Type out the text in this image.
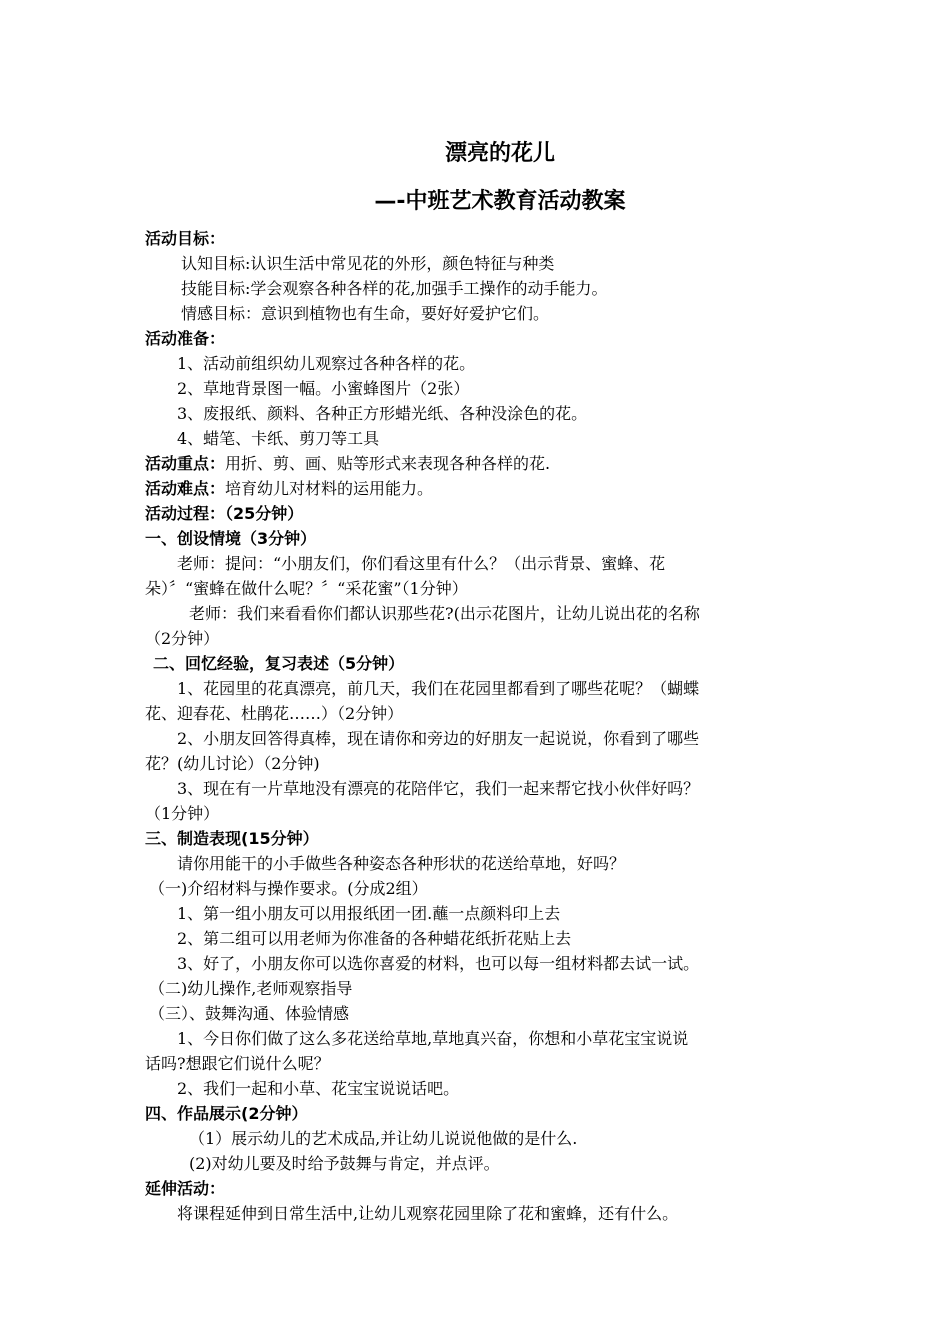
漂亮的花儿
—-中班艺术教育活动教案
活动目标：
认知目标:认识生活中常见花的外形，颜色特征与种类
技能目标:学会观察各种各样的花,加强手工操作的动手能力。
情感目标：意识到植物也有生命，要好好爱护它们。
活动准备：
1、活动前组织幼儿观察过各种各样的花。
2、草地背景图一幅。小蜜蜂图片（2张）
3、废报纸、颜料、各种正方形蜡光纸、各种没涂色的花。
4、蜡笔、卡纸、剪刀等工具
活动重点：用折、剪、画、贴等形式来表现各种各样的花.
活动难点：培育幼儿对材料的运用能力。
活动过程：（25分钟）
一、创设情境（3分钟）
老师：提问：“小朋友们，你们看这里有什么？（出示背景、蜜蜂、花
朵）〞“蜜蜂在做什么呢？〞“采花蜜”（1分钟）
老师：我们来看看你们都认识那些花?(出示花图片，让幼儿说出花的名称
（2分钟）
二、回忆经验，复习表述（5分钟）
1、花园里的花真漂亮，前几天，我们在花园里都看到了哪些花呢？（蝴蝶
花、迎春花、杜鹃花……）（2分钟）
2、小朋友回答得真棒，现在请你和旁边的好朋友一起说说，你看到了哪些
花？(幼儿讨论）（2分钟)
3、现在有一片草地没有漂亮的花陪伴它，我们一起来帮它找小伙伴好吗？
（1分钟）
三、制造表现(15分钟）
请你用能干的小手做些各种姿态各种形状的花送给草地，好吗？
（一)介绍材料与操作要求。(分成2组）
1、第一组小朋友可以用报纸团一团.蘸一点颜料印上去
2、第二组可以用老师为你准备的各种蜡花纸折花贴上去
3、好了，小朋友你可以选你喜爱的材料，也可以每一组材料都去试一试。
（二)幼儿操作,老师观察指导
（三）、鼓舞沟通、体验情感
1、今日你们做了这么多花送给草地,草地真兴奋，你想和小草花宝宝说说
话吗?想跟它们说什么呢？
2、我们一起和小草、花宝宝说说话吧。
四、作品展示(2分钟）
（1）展示幼儿的艺术成品,并让幼儿说说他做的是什么.
(2)对幼儿要及时给予鼓舞与肯定，并点评。
延伸活动：
将课程延伸到日常生活中,让幼儿观察花园里除了花和蜜蜂，还有什么。
